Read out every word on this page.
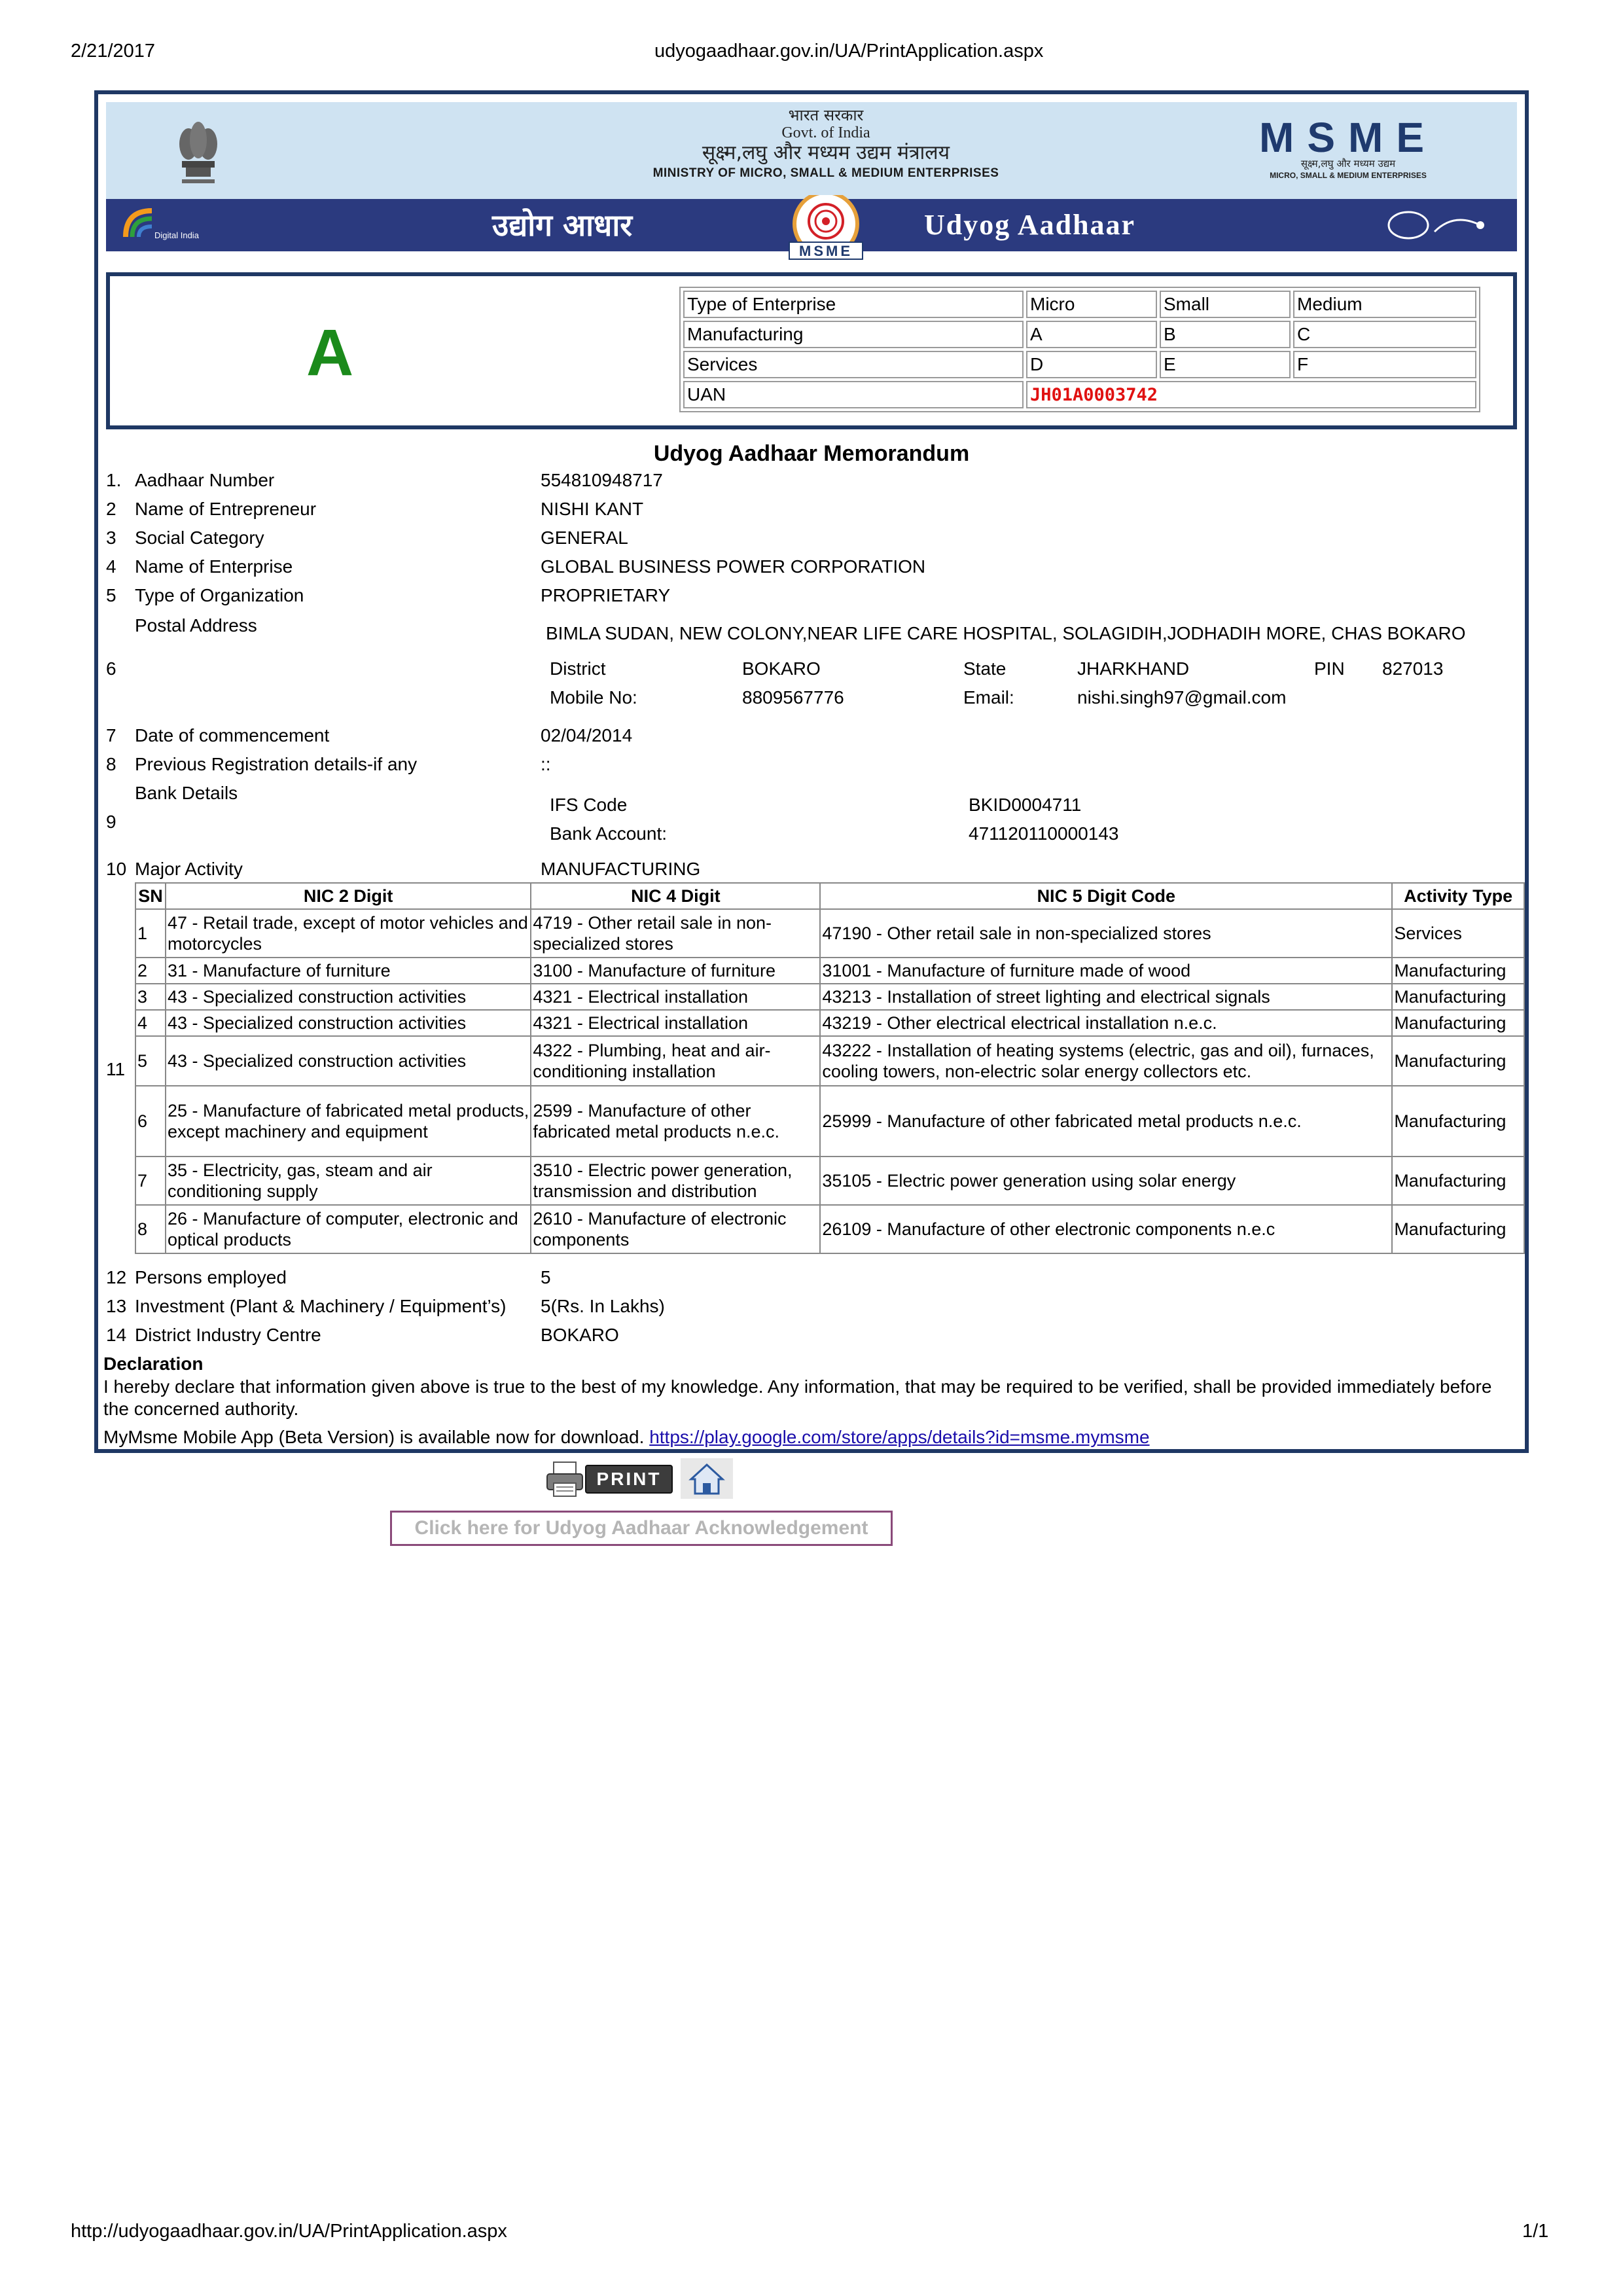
2/21/2017	udyogaadhaar.gov.in/UA/PrintApplication.aspx
भारत सरकार
Govt. of India
सूक्ष्म,लघु और मध्यम उद्यम मंत्रालय
MINISTRY OF MICRO, SMALL & MEDIUM ENTERPRISES
MSME
सूक्ष्म,लघु और मध्यम उद्यम
MICRO, SMALL & MEDIUM ENTERPRISES
Digital India	उद्योग आधार
MSME
Udyog Aadhaar
A
Type of Enterprise	Micro	Small	Medium
Manufacturing	A	B	C
Services	D	E	F
UAN	JH01A0003742		
Udyog Aadhaar Memorandum
1. Aadhaar Number	554810948717
2 Name of Entrepreneur	NISHI KANT
3 Social Category	GENERAL
4 Name of Enterprise	GLOBAL BUSINESS POWER CORPORATION
5 Type of Organization	PROPRIETARY
6
Postal Address	BIMLA SUDAN, NEW COLONY,NEAR LIFE CARE HOSPITAL, SOLAGIDIH,JODHADIH MORE, CHAS BOKARO
District	BOKARO	State	JHARKHAND	PIN 827013
Mobile No:	8809567776	Email:	nishi.singh97@gmail.com
7 Date of commencement	02/04/2014
8 Previous Registration details-if any	::
9
Bank Details
IFS Code	BKID0004711
Bank Account:	471120110000143
10 Major Activity	MANUFACTURING
11
SN	NIC 2 Digit	NIC 4 Digit	NIC 5 Digit Code	Activity Type
1	47 - Retail trade, except of motor vehicles and motorcycles	4719 - Other retail sale in non-specialized stores	47190 - Other retail sale in non-specialized stores	Services
2	31 - Manufacture of furniture	3100 - Manufacture of furniture	31001 - Manufacture of furniture made of wood	Manufacturing
3	43 - Specialized construction activities	4321 - Electrical installation	43213 - Installation of street lighting and electrical signals	Manufacturing
4	43 - Specialized construction activities	4321 - Electrical installation	43219 - Other electrical electrical installation n.e.c.	Manufacturing
5	43 - Specialized construction activities	4322 - Plumbing, heat and air-conditioning installation	43222 - Installation of heating systems (electric, gas and oil), furnaces, cooling towers, non-electric solar energy collectors etc.	Manufacturing
6	25 - Manufacture of fabricated metal products, except machinery and equipment	2599 - Manufacture of other fabricated metal products n.e.c.	25999 - Manufacture of other fabricated metal products n.e.c.	Manufacturing
7	35 - Electricity, gas, steam and air conditioning supply	3510 - Electric power generation, transmission and distribution	35105 - Electric power generation using solar energy	Manufacturing
8	26 - Manufacture of computer, electronic and optical products	2610 - Manufacture of electronic components	26109 - Manufacture of other electronic components n.e.c	Manufacturing
12 Persons employed	5
13 Investment (Plant & Machinery / Equipment’s) 5(Rs. In Lakhs)
14 District Industry Centre	BOKARO
Declaration
I hereby declare that information given above is true to the best of my knowledge. Any information, that may be required to be verified, shall be provided immediately before the concerned authority.
MyMsme Mobile App (Beta Version) is available now for download. https://play.google.com/store/apps/details?id=msme.mymsme
PRINT
Click here for Udyog Aadhaar Acknowledgement
http://udyogaadhaar.gov.in/UA/PrintApplication.aspx	1/1
